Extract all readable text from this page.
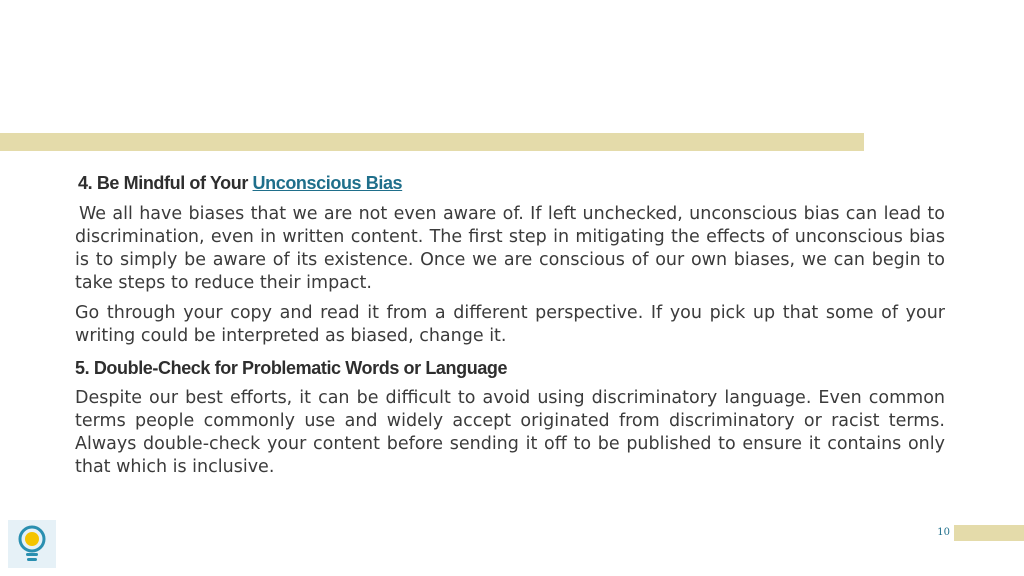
4. Be Mindful of Your Unconscious Bias

We all have biases that we are not even aware of. If left unchecked, unconscious bias can lead to discrimination, even in written content. The first step in mitigating the effects of unconscious bias is to simply be aware of its existence. Once we are conscious of our own biases, we can begin to take steps to reduce their impact.

Go through your copy and read it from a different perspective. If you pick up that some of your writing could be interpreted as biased, change it.

5. Double-Check for Problematic Words or Language

Despite our best efforts, it can be difficult to avoid using discriminatory language. Even common terms people commonly use and widely accept originated from discriminatory or racist terms. Always double-check your content before sending it off to be published to ensure it contains only that which is inclusive.

10
